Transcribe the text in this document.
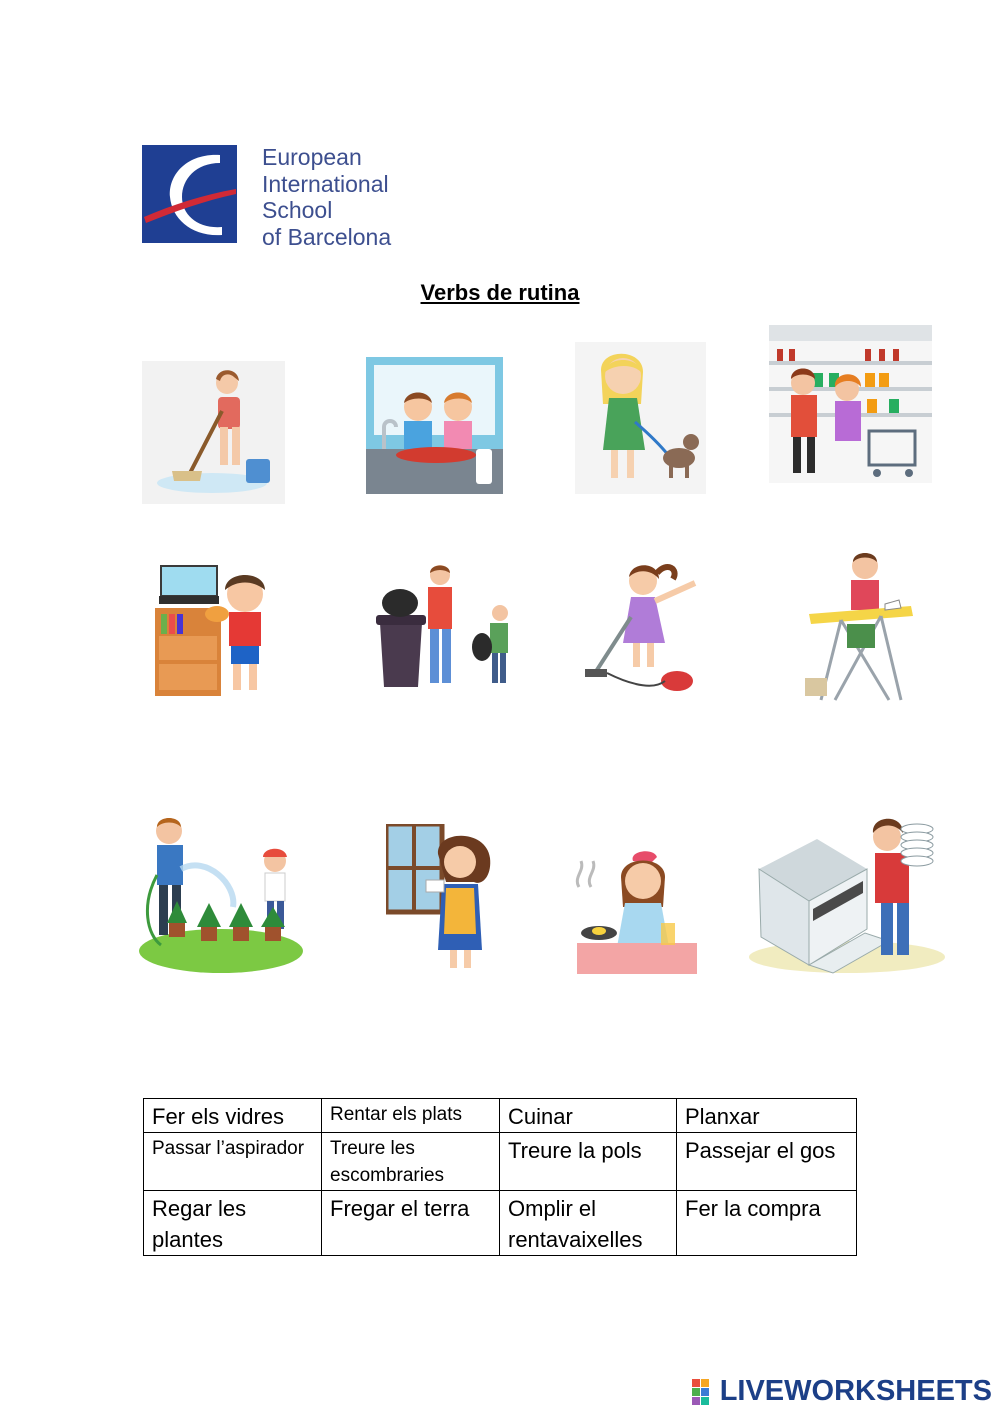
European
International
School
of Barcelona
Verbs de rutina
Fer els vidres	Rentar els plats	Cuinar	Planxar
Passar l’aspirador	Treure les escombraries	Treure la pols	Passejar el gos
Regar les plantes	Fregar el terra	Omplir el rentavaixelles	Fer la compra
LIVEWORKSHEETS
